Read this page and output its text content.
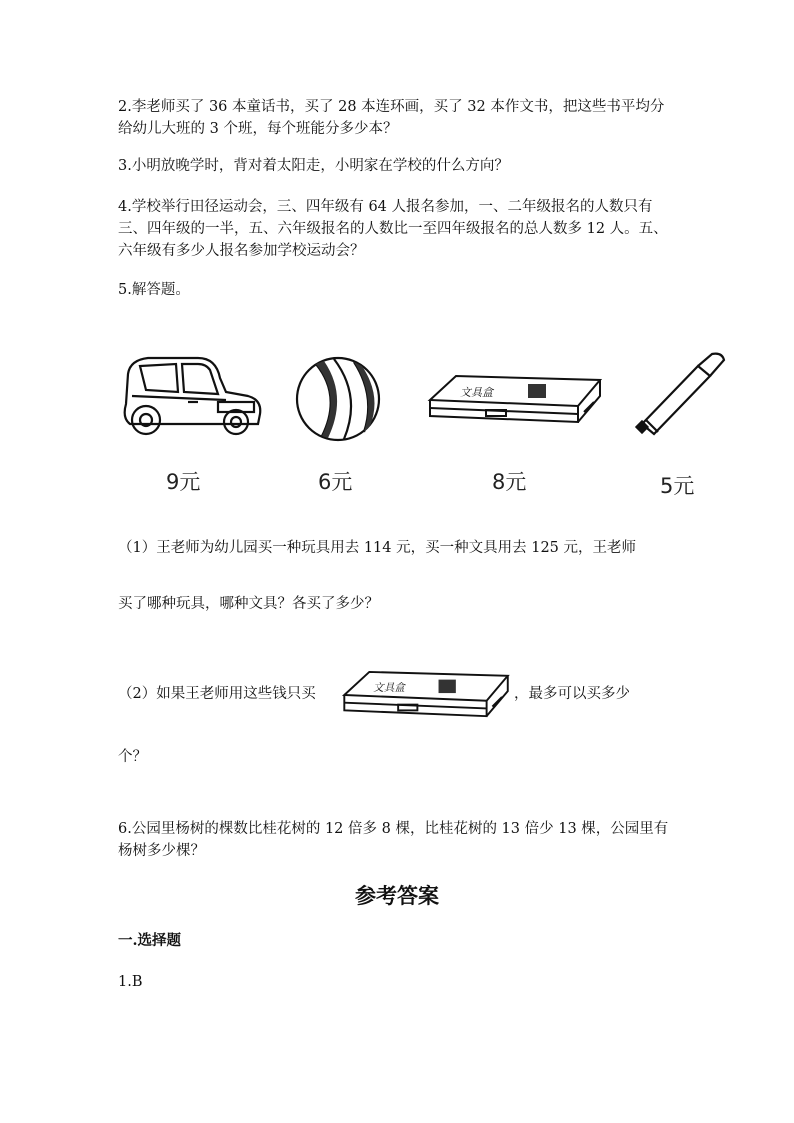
2.李老师买了 36 本童话书，买了 28 本连环画，买了 32 本作文书，把这些书平均分给幼儿大班的 3 个班，每个班能分多少本？

3.小明放晚学时，背对着太阳走，小明家在学校的什么方向？

4.学校举行田径运动会，三、四年级有 64 人报名参加，一、二年级报名的人数只有三、四年级的一半，五、六年级报名的人数比一至四年级报名的总人数多 12 人。五、六年级有多少人报名参加学校运动会？

5.解答题。

文具盒
9元	6元	8元	5元

（1）王老师为幼儿园买一种玩具用去 114 元，买一种文具用去 125 元，王老师

买了哪种玩具，哪种文具？各买了多少？

（2）如果王老师用这些钱只买	文具盒	，最多可以买多少

个？

6.公园里杨树的棵数比桂花树的 12 倍多 8 棵，比桂花树的 13 倍少 13 棵，公园里有杨树多少棵？

参考答案

一.选择题

1.B
